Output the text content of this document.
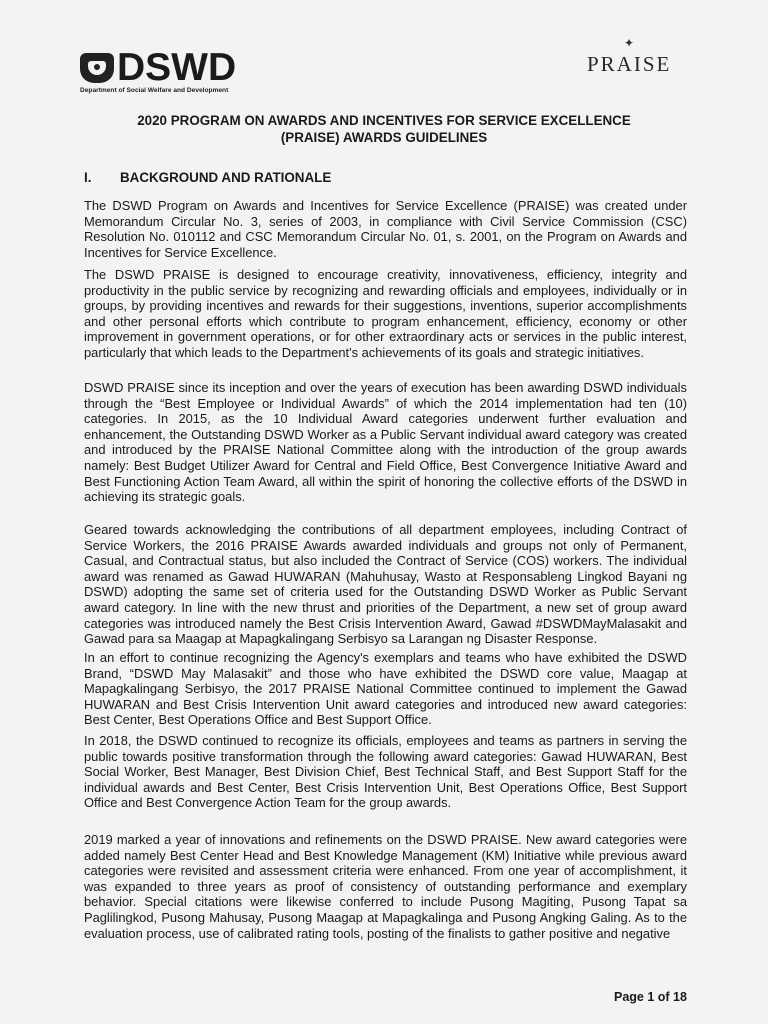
DSWD
Department of Social Welfare and Development
✦
PRAISE
2020 PROGRAM ON AWARDS AND INCENTIVES FOR SERVICE EXCELLENCE
(PRAISE) AWARDS GUIDELINES
I. BACKGROUND AND RATIONALE

The DSWD Program on Awards and Incentives for Service Excellence (PRAISE) was created under Memorandum Circular No. 3, series of 2003, in compliance with Civil Service Commission (CSC) Resolution No. 010112 and CSC Memorandum Circular No. 01, s. 2001, on the Program on Awards and Incentives for Service Excellence.

The DSWD PRAISE is designed to encourage creativity, innovativeness, efficiency, integrity and productivity in the public service by recognizing and rewarding officials and employees, individually or in groups, by providing incentives and rewards for their suggestions, inventions, superior accomplishments and other personal efforts which contribute to program enhancement, efficiency, economy or other improvement in government operations, or for other extraordinary acts or services in the public interest, particularly that which leads to the Department's achievements of its goals and strategic initiatives.

DSWD PRAISE since its inception and over the years of execution has been awarding DSWD individuals through the “Best Employee or Individual Awards” of which the 2014 implementation had ten (10) categories. In 2015, as the 10 Individual Award categories underwent further evaluation and enhancement, the Outstanding DSWD Worker as a Public Servant individual award category was created and introduced by the PRAISE National Committee along with the introduction of the group awards namely: Best Budget Utilizer Award for Central and Field Office, Best Convergence Initiative Award and Best Functioning Action Team Award, all within the spirit of honoring the collective efforts of the DSWD in achieving its strategic goals.

Geared towards acknowledging the contributions of all department employees, including Contract of Service Workers, the 2016 PRAISE Awards awarded individuals and groups not only of Permanent, Casual, and Contractual status, but also included the Contract of Service (COS) workers. The individual award was renamed as Gawad HUWARAN (Mahuhusay, Wasto at Responsableng Lingkod Bayani ng DSWD) adopting the same set of criteria used for the Outstanding DSWD Worker as Public Servant award category. In line with the new thrust and priorities of the Department, a new set of group award categories was introduced namely the Best Crisis Intervention Award, Gawad #DSWDMayMalasakit and Gawad para sa Maagap at Mapagkalingang Serbisyo sa Larangan ng Disaster Response.

In an effort to continue recognizing the Agency's exemplars and teams who have exhibited the DSWD Brand, “DSWD May Malasakit” and those who have exhibited the DSWD core value, Maagap at Mapagkalingang Serbisyo, the 2017 PRAISE National Committee continued to implement the Gawad HUWARAN and Best Crisis Intervention Unit award categories and introduced new award categories: Best Center, Best Operations Office and Best Support Office.

In 2018, the DSWD continued to recognize its officials, employees and teams as partners in serving the public towards positive transformation through the following award categories: Gawad HUWARAN, Best Social Worker, Best Manager, Best Division Chief, Best Technical Staff, and Best Support Staff for the individual awards and Best Center, Best Crisis Intervention Unit, Best Operations Office, Best Support Office and Best Convergence Action Team for the group awards.

2019 marked a year of innovations and refinements on the DSWD PRAISE. New award categories were added namely Best Center Head and Best Knowledge Management (KM) Initiative while previous award categories were revisited and assessment criteria were enhanced. From one year of accomplishment, it was expanded to three years as proof of consistency of outstanding performance and exemplary behavior. Special citations were likewise conferred to include Pusong Magiting, Pusong Tapat sa Paglilingkod, Pusong Mahusay, Pusong Maagap at Mapagkalinga and Pusong Angking Galing. As to the evaluation process, use of calibrated rating tools, posting of the finalists to gather positive and negative

Page 1 of 18
